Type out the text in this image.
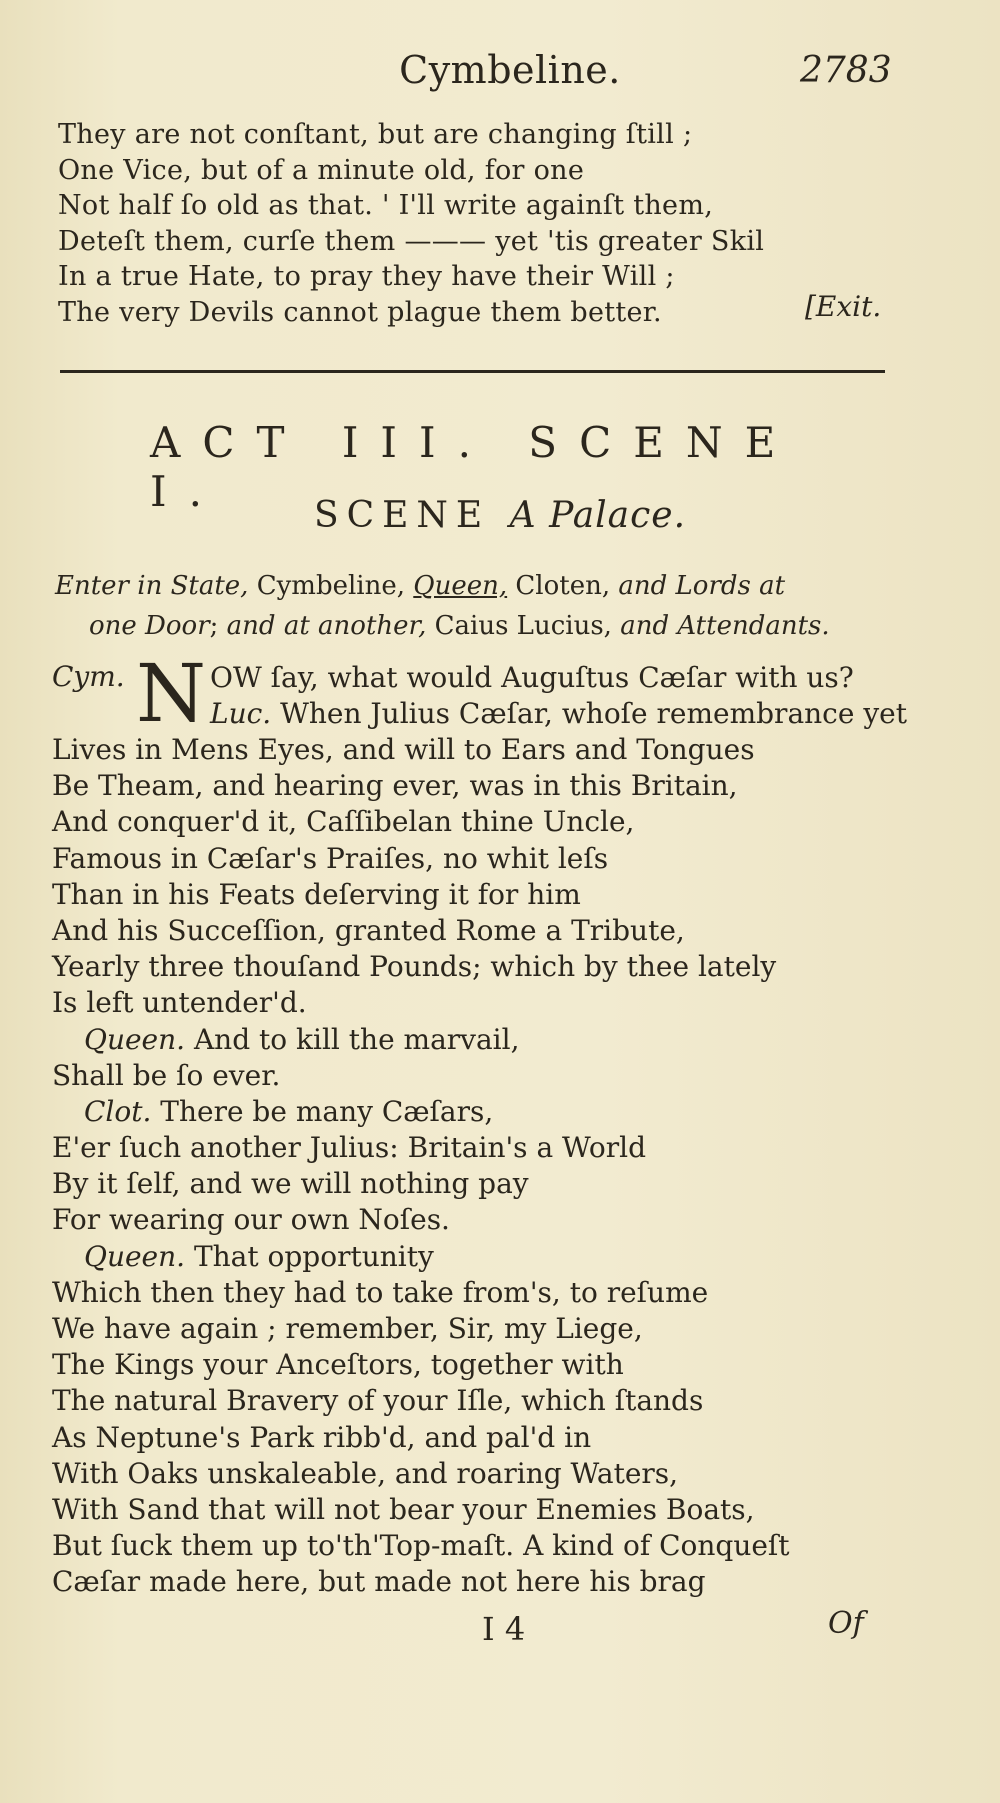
Cymbeline.	2783
They are not conſtant, but are changing ſtill ;
One Vice, but of a minute old, for one
Not half ſo old as that. ' I'll write againſt them,
Deteſt them, curſe them ——— yet 'tis greater Skil
In a true Hate, to pray they have their Will ;
The very Devils cannot plague them better.	[Exit.
ACT III. SCENE I.	SCENE A Palace.
Enter in State, Cymbeline, Queen, Cloten, and Lords at
one Door; and at another, Caius Lucius, and Attendants.
Cym. N OW ſay, what would Auguſtus Cæſar with us?
Luc. When Julius Cæſar, whoſe remembrance yet
Lives in Mens Eyes, and will to Ears and Tongues
Be Theam, and hearing ever, was in this Britain,
And conquer'd it, Caſſibelan thine Uncle,
Famous in Cæſar's Praiſes, no whit leſs
Than in his Feats deſerving it for him
And his Succeſſion, granted Rome a Tribute,
Yearly three thouſand Pounds; which by thee lately
Is left untender'd.
Queen. And to kill the marvail,
Shall be ſo ever.
Clot. There be many Cæſars,
E'er ſuch another Julius: Britain's a World
By it ſelf, and we will nothing pay
For wearing our own Noſes.
Queen. That opportunity
Which then they had to take from's, to reſume
We have again ; remember, Sir, my Liege,
The Kings your Anceſtors, together with
The natural Bravery of your Iſle, which ſtands
As Neptune's Park ribb'd, and pal'd in
With Oaks unskaleable, and roaring Waters,
With Sand that will not bear your Enemies Boats,
But ſuck them up to'th'Top-maſt. A kind of Conqueſt
Cæſar made here, but made not here his brag
I 4	Of
